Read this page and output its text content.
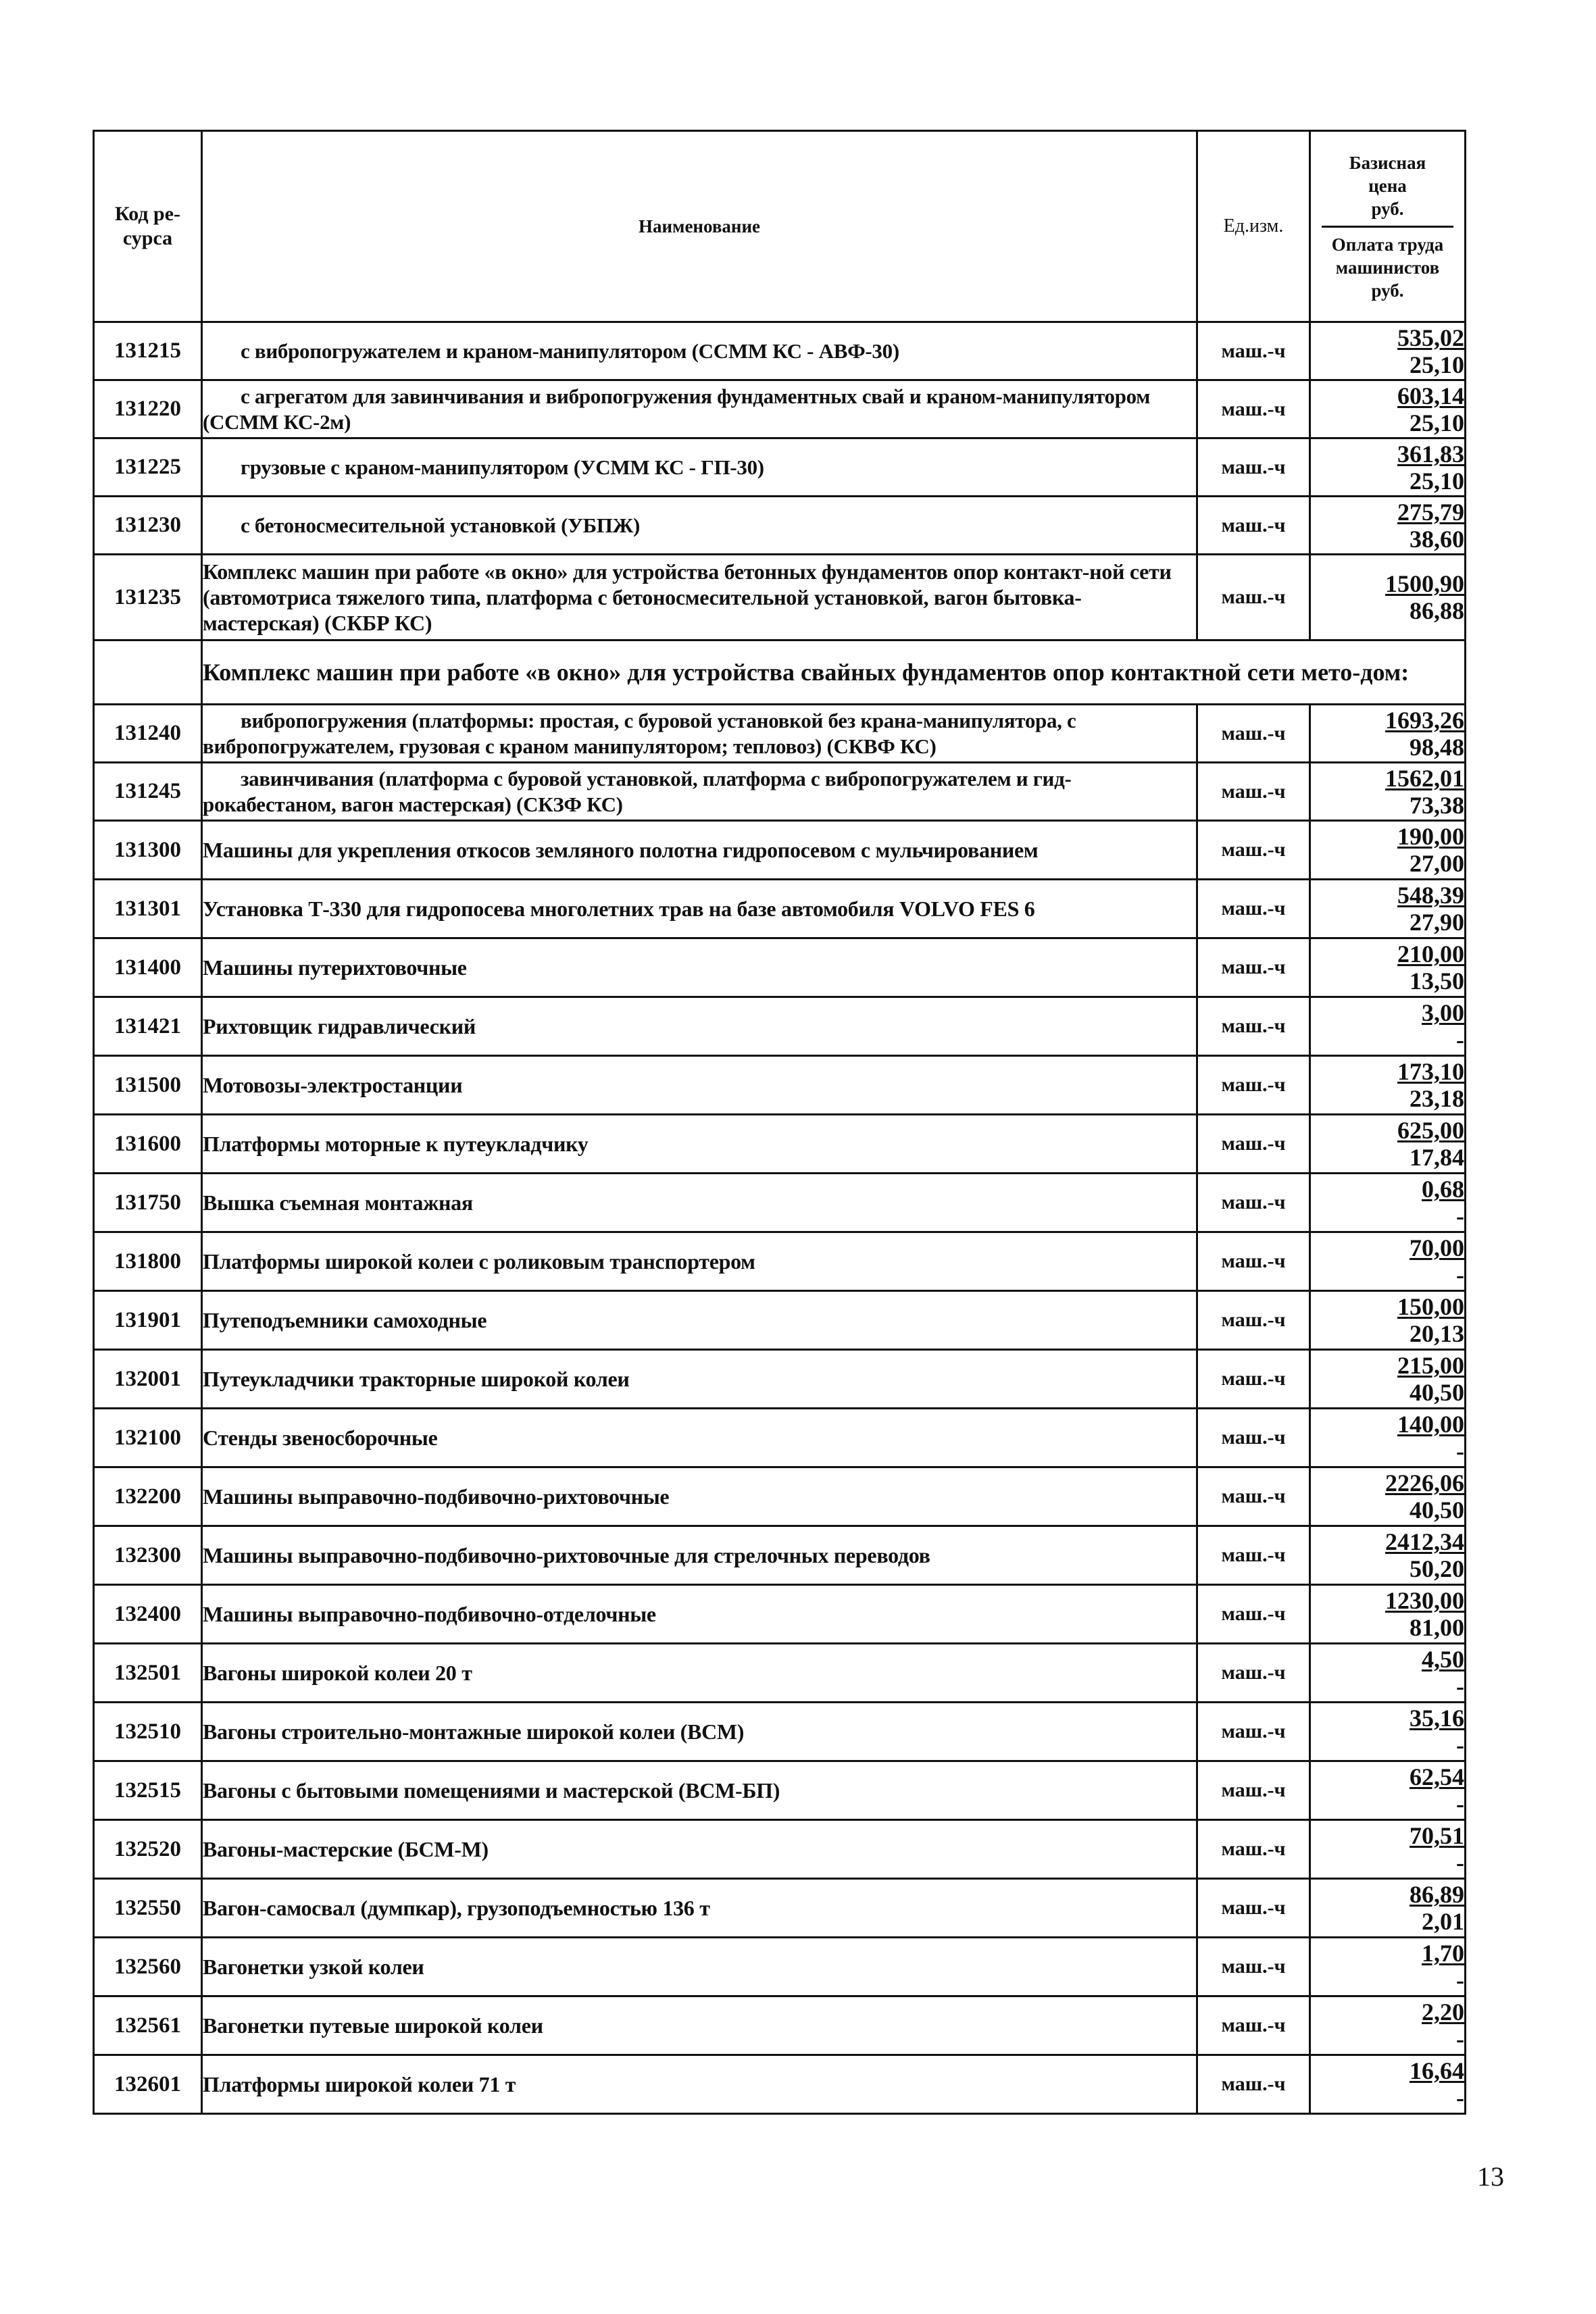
Код ре-
сурса
	Наименование	Ед.изм.	
Базисная
цена
руб.
Оплата труда
машинистов
руб.

131215	с вибропогружателем и краном-манипулятором (ССММ КС - АВФ-30)	маш.-ч	535,02
25,10

131220	с агрегатом для завинчивания и вибропогружения фундаментных свай и краном-манипулятором (ССММ КС-2м)	маш.-ч	603,14
25,10

131225	грузовые с краном-манипулятором (УСММ КС - ГП-30)	маш.-ч	361,83
25,10

131230	с бетоносмесительной установкой (УБПЖ)	маш.-ч	275,79
38,60

131235	Комплекс машин при работе «в окно» для устройства бетонных фундаментов опор контакт-ной сети (автомотриса тяжелого типа, платформа с бетоносмесительной установкой, вагон бытовка-мастерская) (СКБР КС)	маш.-ч	1500,90
86,88

	Комплекс машин при работе «в окно» для устройства свайных фундаментов опор контактной сети мето-дом:		
131240	вибропогружения (платформы: простая, с буровой установкой без крана-манипулятора, с вибропогружателем, грузовая с краном манипулятором; тепловоз) (СКВФ КС)	маш.-ч	1693,26
98,48

131245	завинчивания (платформа с буровой установкой, платформа с вибропогружателем и гид-рокабестаном, вагон мастерская) (СКЗФ КС)	маш.-ч	1562,01
73,38

131300	Машины для укрепления откосов земляного полотна гидропосевом с мульчированием	маш.-ч	190,00
27,00

131301	Установка Т-330 для гидропосева многолетних трав на базе автомобиля VOLVO FES 6	маш.-ч	548,39
27,90

131400	Машины путерихтовочные	маш.-ч	210,00
13,50

131421	Рихтовщик гидравлический	маш.-ч	3,00
-

131500	Мотовозы-электростанции	маш.-ч	173,10
23,18

131600	Платформы моторные к путеукладчику	маш.-ч	625,00
17,84

131750	Вышка съемная монтажная	маш.-ч	0,68
-

131800	Платформы широкой колеи с роликовым транспортером	маш.-ч	70,00
-

131901	Путеподъемники самоходные	маш.-ч	150,00
20,13

132001	Путеукладчики тракторные широкой колеи	маш.-ч	215,00
40,50

132100	Стенды звеносборочные	маш.-ч	140,00
-

132200	Машины выправочно-подбивочно-рихтовочные	маш.-ч	2226,06
40,50

132300	Машины выправочно-подбивочно-рихтовочные для стрелочных переводов	маш.-ч	2412,34
50,20

132400	Машины выправочно-подбивочно-отделочные	маш.-ч	1230,00
81,00

132501	Вагоны широкой колеи 20 т	маш.-ч	4,50
-

132510	Вагоны строительно-монтажные широкой колеи (ВСМ)	маш.-ч	35,16
-

132515	Вагоны с бытовыми помещениями и мастерской (ВСМ-БП)	маш.-ч	62,54
-

132520	Вагоны-мастерские (БСМ-М)	маш.-ч	70,51
-

132550	Вагон-самосвал (думпкар), грузоподъемностью 136 т	маш.-ч	86,89
2,01

132560	Вагонетки узкой колеи	маш.-ч	1,70
-

132561	Вагонетки путевые широкой колеи	маш.-ч	2,20
-

132601	Платформы широкой колеи 71 т	маш.-ч	16,64
-
13
